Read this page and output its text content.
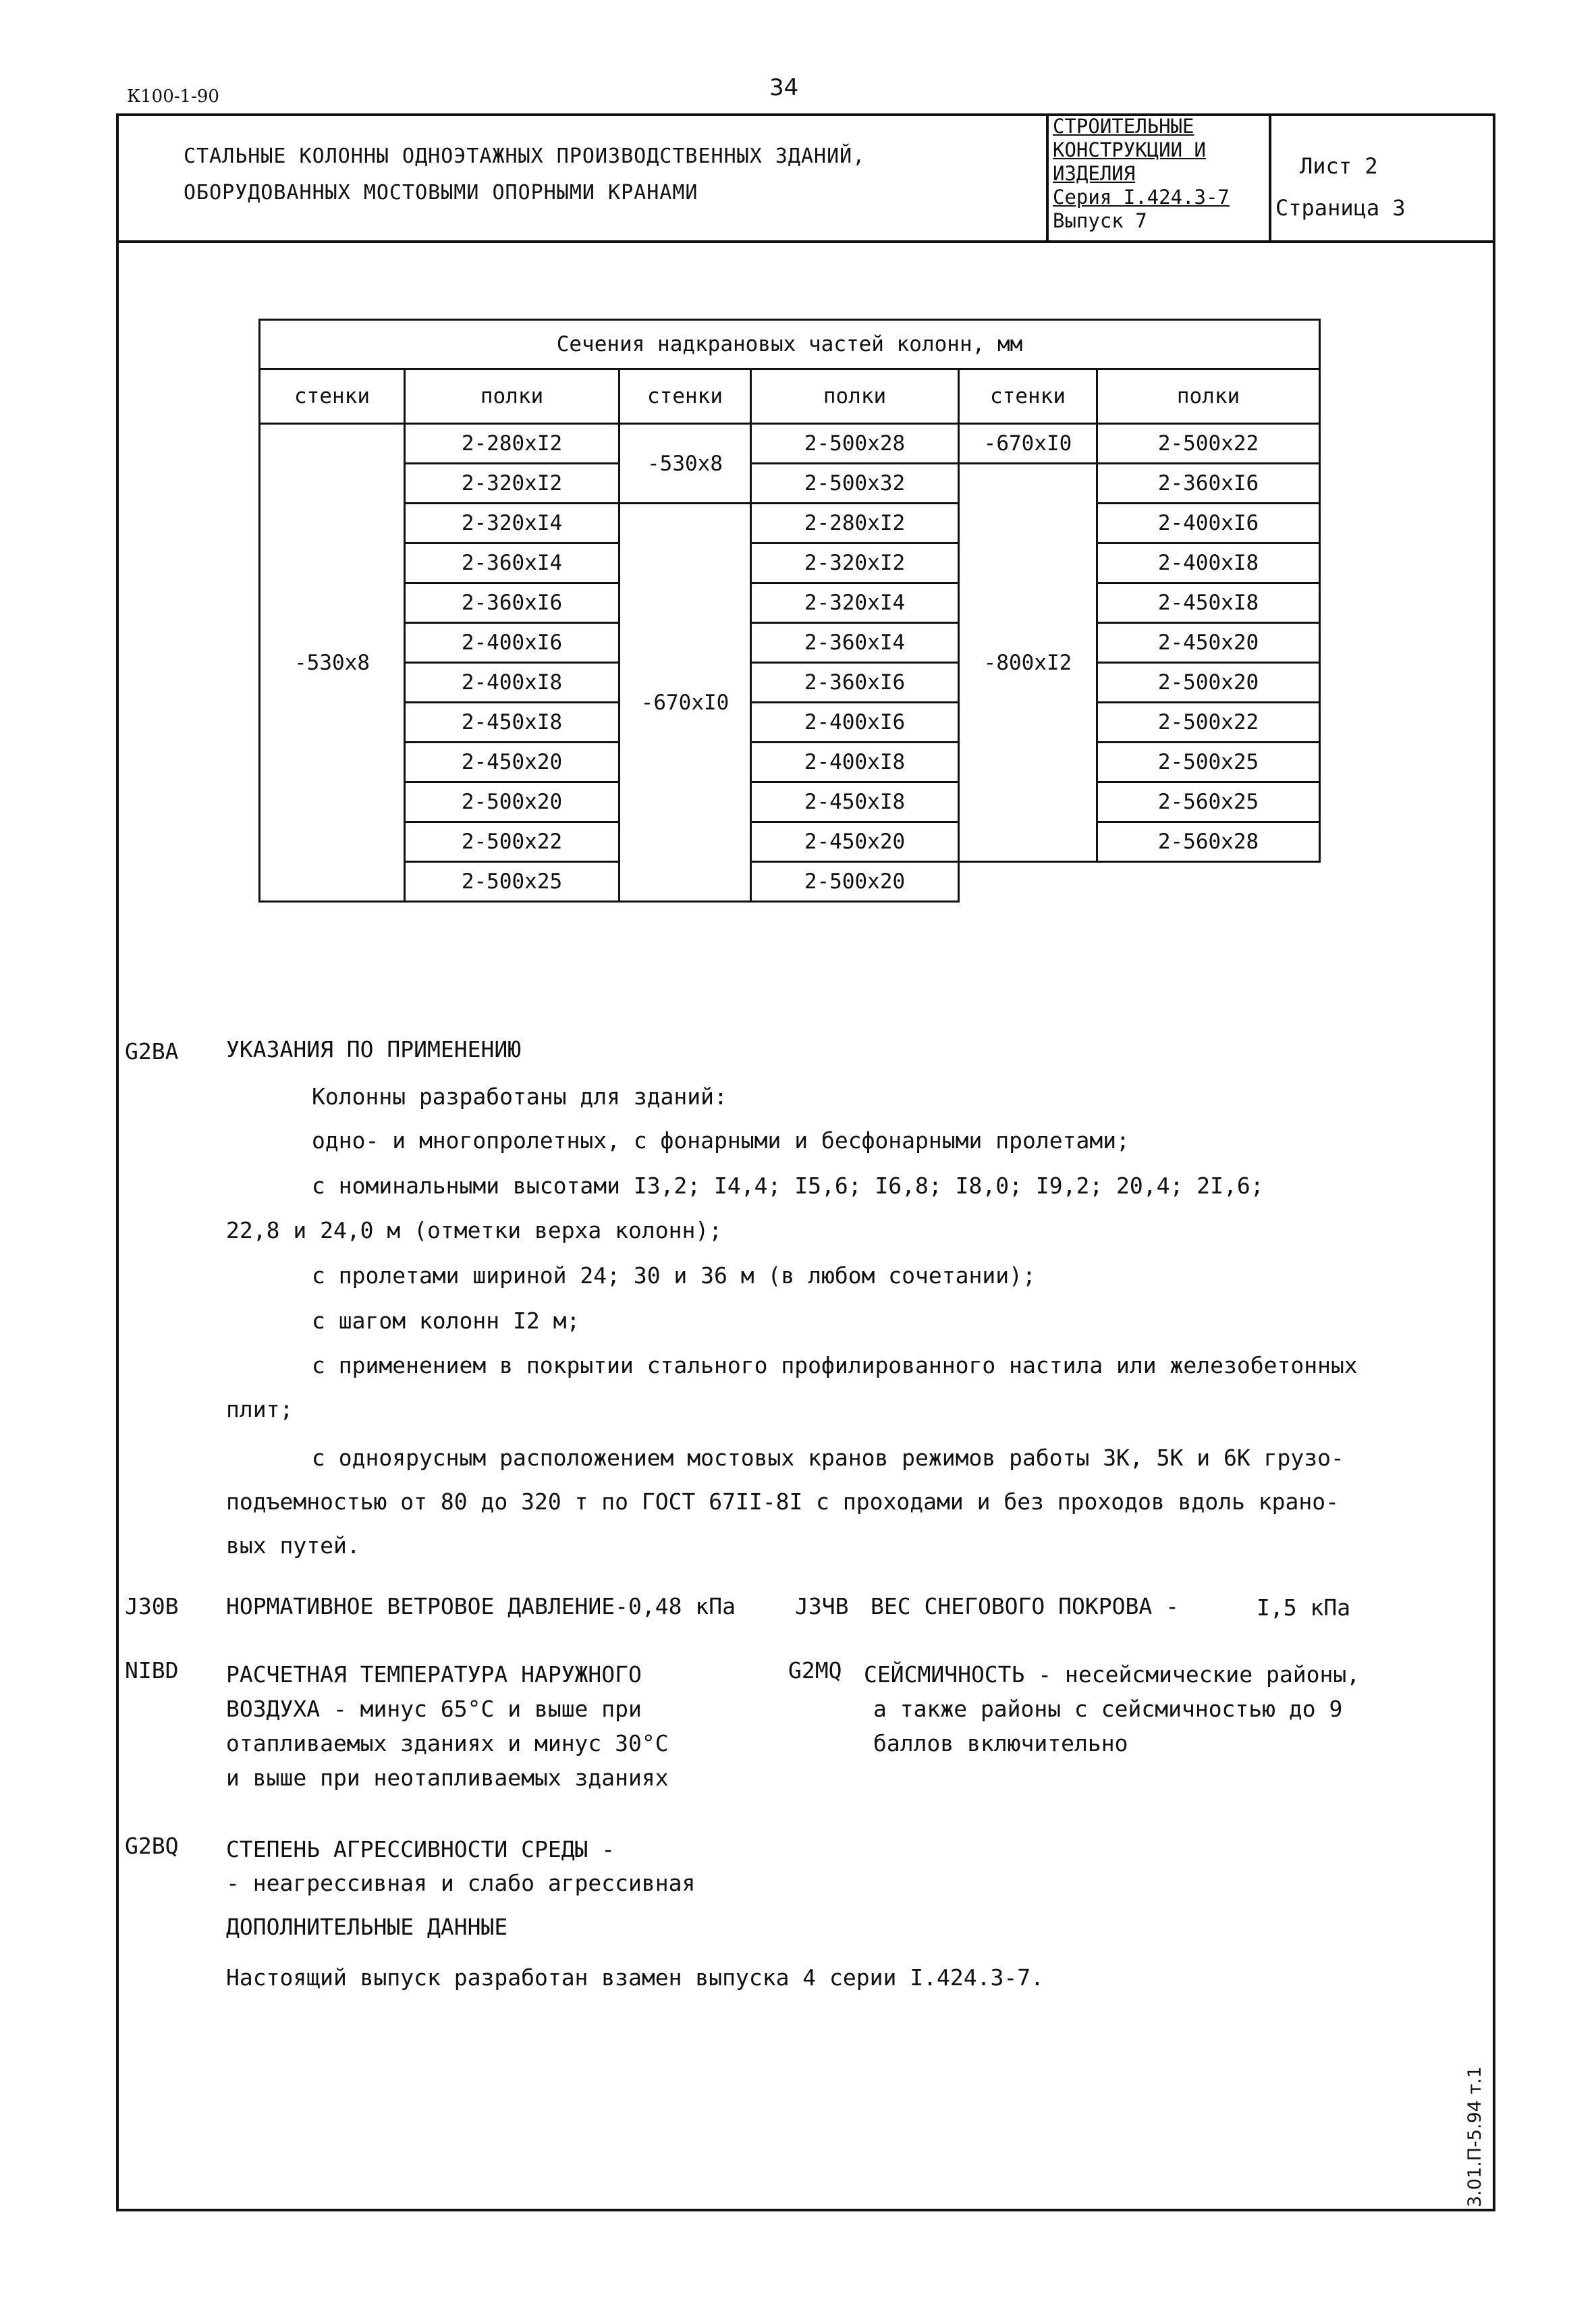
К100-1-90	34
СТАЛЬНЫЕ КОЛОННЫ ОДНОЭТАЖНЫХ ПРОИЗВОДСТВЕННЫХ ЗДАНИЙ,
ОБОРУДОВАННЫХ МОСТОВЫМИ ОПОРНЫМИ КРАНАМИ
СТРОИТЕЛЬНЫЕ
КОНСТРУКЦИИ И
ИЗДЕЛИЯ
Серия I.424.3-7
Выпуск 7
Лист 2
Страница 3
Сечения надкрановых частей колонн, мм					
стенки	полки	стенки	полки	стенки	полки
-530x8	2-280xI2	-530x8	2-500x28	-670xI0	2-500x22
	2-320xI2		2-500x32	-800xI2	2-360xI6
	2-320xI4	-670xI0	2-280xI2		2-400xI6
	2-360xI4		2-320xI2		2-400xI8
	2-360xI6		2-320xI4		2-450xI8
	2-400xI6		2-360xI4		2-450x20
	2-400xI8		2-360xI6		2-500x20
	2-450xI8		2-400xI6		2-500x22
	2-450x20		2-400xI8		2-500x25
	2-500x20		2-450xI8		2-560x25
	2-500x22		2-450x20		2-560x28
	2-500x25		2-500x20		
G2BA УКАЗАНИЯ ПО ПРИМЕНЕНИЮ
Колонны разработаны для зданий:
одно- и многопролетных, с фонарными и бесфонарными пролетами;
с номинальными высотами I3,2; I4,4; I5,6; I6,8; I8,0; I9,2; 20,4; 2I,6;
22,8 и 24,0 м (отметки верха колонн);
с пролетами шириной 24; 30 и 36 м (в любом сочетании);
с шагом колонн I2 м;
с применением в покрытии стального профилированного настила или железобетонных
плит;
с одноярусным расположением мостовых кранов режимов работы 3К, 5К и 6К грузо-
подъемностью от 80 до 320 т по ГОСТ 67II-8I с проходами и без проходов вдоль крано-
вых путей.
J30B НОРМАТИВНОЕ ВЕТРОВОЕ ДАВЛЕНИЕ-0,48 кПа	J3ЧB ВЕС СНЕГОВОГО ПОКРОВА -	I,5 кПа
NIBD РАСЧЕТНАЯ ТЕМПЕРАТУРА НАРУЖНОГО
ВОЗДУХА - минус 65°С и выше при
отапливаемых зданиях и минус 30°С
и выше при неотапливаемых зданиях
G2MQ СЕЙСМИЧНОСТЬ - несейсмические районы,
а также районы с сейсмичностью до 9
баллов включительно
G2BQ СТЕПЕНЬ АГРЕССИВНОСТИ СРЕДЫ -
- неагрессивная и слабо агрессивная
ДОПОЛНИТЕЛЬНЫЕ ДАННЫЕ
Настоящий выпуск разработан взамен выпуска 4 серии I.424.3-7.
3.01.П-5.94 т.1
